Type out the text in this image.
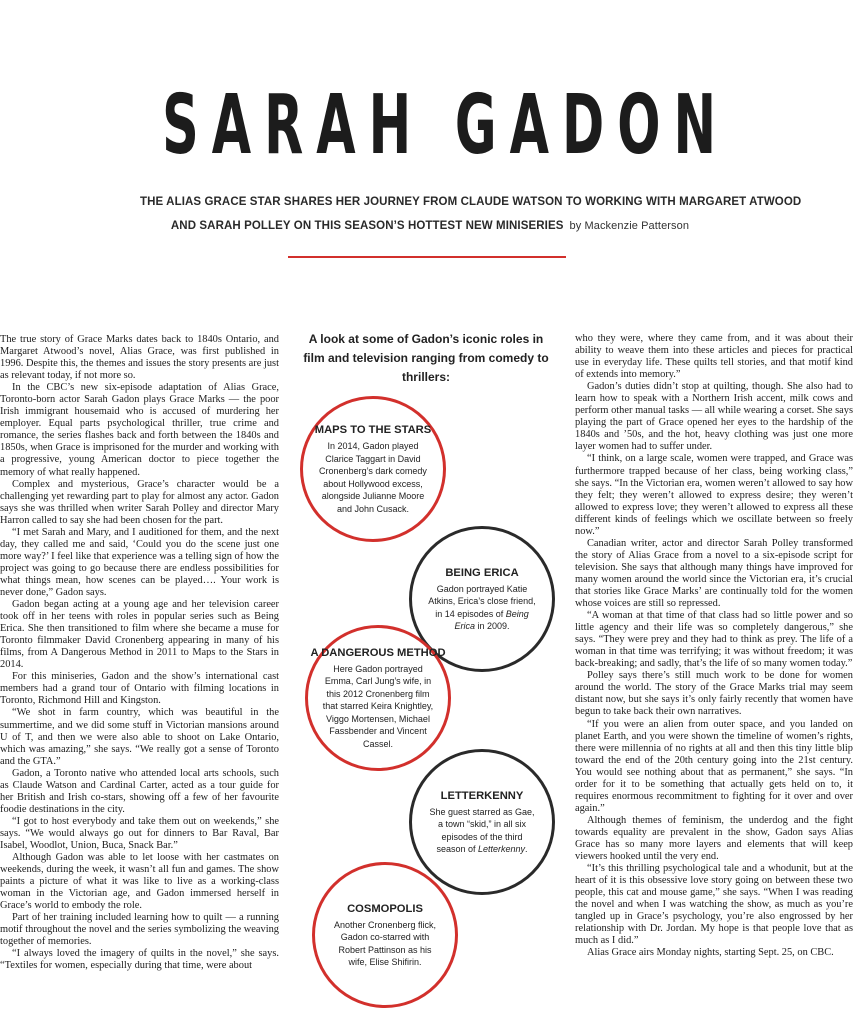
SARAH GADON
THE ALIAS GRACE STAR SHARES HER JOURNEY FROM CLAUDE WATSON TO WORKING WITH MARGARET ATWOOD
AND SARAH POLLEY ON THIS SEASON’S HOTTEST NEW MINISERIES by Mackenzie Patterson

The true story of Grace Marks dates back to 1840s Ontario, and Margaret Atwood’s novel, Alias Grace, was first published in 1996. Despite this, the themes and issues the story presents are just as relevant today, if not more so.

In the CBC’s new six-episode adaptation of Alias Grace, Toronto-born actor Sarah Gadon plays Grace Marks — the poor Irish immigrant housemaid who is accused of murdering her employer. Equal parts psychological thriller, true crime and romance, the series flashes back and forth between the 1840s and 1850s, when Grace is imprisoned for the murder and working with a progressive, young American doctor to piece together the memory of what really happened.

Complex and mysterious, Grace’s character would be a challenging yet rewarding part to play for almost any actor. Gadon says she was thrilled when writer Sarah Polley and director Mary Harron called to say she had been chosen for the part.

“I met Sarah and Mary, and I auditioned for them, and the next day, they called me and said, ‘Could you do the scene just one more way?’ I feel like that experience was a telling sign of how the project was going to go because there are endless possibilities for what things mean, how scenes can be played…. Your work is never done,” Gadon says.

Gadon began acting at a young age and her television career took off in her teens with roles in popular series such as Being Erica. She then transitioned to film where she became a muse for Toronto filmmaker David Cronenberg appearing in many of his films, from A Dangerous Method in 2011 to Maps to the Stars in 2014.

For this miniseries, Gadon and the show’s international cast members had a grand tour of Ontario with filming locations in Toronto, Richmond Hill and Kingston.

“We shot in farm country, which was beautiful in the summertime, and we did some stuff in Victorian mansions around U of T, and then we were also able to shoot on Lake Ontario, which was amazing,” she says. “We really got a sense of Toronto and the GTA.”

Gadon, a Toronto native who attended local arts schools, such as Claude Watson and Cardinal Carter, acted as a tour guide for her British and Irish co-stars, showing off a few of her favourite foodie destinations in the city.

“I got to host everybody and take them out on weekends,” she says. “We would always go out for dinners to Bar Raval, Bar Isabel, Woodlot, Union, Buca, Snack Bar.”

Although Gadon was able to let loose with her castmates on weekends, during the week, it wasn’t all fun and games. The show paints a picture of what it was like to live as a working-class woman in the Victorian age, and Gadon immersed herself in Grace’s world to embody the role.

Part of her training included learning how to quilt — a running motif throughout the novel and the series symbolizing the weaving together of memories.

“I always loved the imagery of quilts in the novel,” she says. “Textiles for women, especially during that time, were about

A look at some of Gadon’s iconic roles in film and television ranging from comedy to thrillers:
MAPS TO THE STARS
In 2014, Gadon played Clarice Taggart in David Cronenberg’s dark comedy about Hollywood excess, alongside Julianne Moore and John Cusack.
BEING ERICA
Gadon portrayed Katie Atkins, Erica’s close friend, in 14 episodes of Being Erica in 2009.
A DANGEROUS METHOD
Here Gadon portrayed Emma, Carl Jung’s wife, in this 2012 Cronenberg film that starred Keira Knightley, Viggo Mortensen, Michael Fassbender and Vincent Cassel.
LETTERKENNY
She guest starred as Gae, a town “skid,” in all six episodes of the third season of Letterkenny.
COSMOPOLIS
Another Cronenberg flick, Gadon co-starred with Robert Pattinson as his wife, Elise Shifirin.

who they were, where they came from, and it was about their ability to weave them into these articles and pieces for practical use in everyday life. These quilts tell stories, and that motif kind of extends into memory.”

Gadon’s duties didn’t stop at quilting, though. She also had to learn how to speak with a Northern Irish accent, milk cows and perform other manual tasks — all while wearing a corset. She says playing the part of Grace opened her eyes to the hardship of the 1840s and ’50s, and the hot, heavy clothing was just one more layer women had to suffer under.

“I think, on a large scale, women were trapped, and Grace was furthermore trapped because of her class, being working class,” she says. “In the Victorian era, women weren’t allowed to say how they felt; they weren’t allowed to express desire; they weren’t allowed to express love; they weren’t allowed to express all these different kinds of feelings which we oscillate between so freely now.”

Canadian writer, actor and director Sarah Polley transformed the story of Alias Grace from a novel to a six-episode script for television. She says that although many things have improved for many women around the world since the Victorian era, it’s crucial that stories like Grace Marks’ are continually told for the women whose voices are still so repressed.

“A woman at that time of that class had so little power and so little agency and their life was so completely dangerous,” she says. “They were prey and they had to think as prey. The life of a woman in that time was terrifying; it was without freedom; it was back-breaking; and sadly, that’s the life of so many women today.”

Polley says there’s still much work to be done for women around the world. The story of the Grace Marks trial may seem distant now, but she says it’s only fairly recently that women have begun to take back their own narratives.

“If you were an alien from outer space, and you landed on planet Earth, and you were shown the timeline of women’s rights, there were millennia of no rights at all and then this tiny little blip toward the end of the 20th century going into the 21st century. You would see nothing about that as permanent,” she says. “In order for it to be something that actually gets held on to, it requires enormous recommitment to fighting for it over and over again.”

Although themes of feminism, the underdog and the fight towards equality are prevalent in the show, Gadon says Alias Grace has so many more layers and elements that will keep viewers hooked until the very end.

“It’s this thrilling psychological tale and a whodunit, but at the heart of it is this obsessive love story going on between these two people, this cat and mouse game,” she says. “When I was reading the novel and when I was watching the show, as much as you’re tangled up in Grace’s psychology, you’re also engrossed by her relationship with Dr. Jordan. My hope is that people love that as much as I did.”

Alias Grace airs Monday nights, starting Sept. 25, on CBC.
